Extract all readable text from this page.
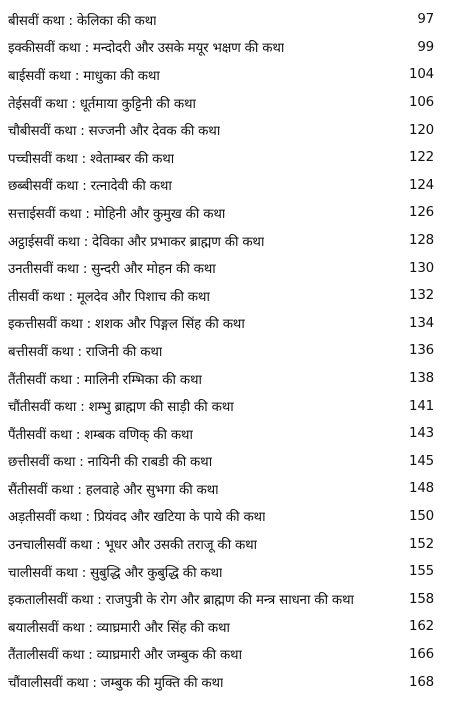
बीसवीं कथा : केलिका की कथा	97
इक्कीसवीं कथा : मन्दोदरी और उसके मयूर भक्षण की कथा	99
बाईसवीं कथा : माधुका की कथा	104
तेईसवीं कथा : धूर्तमाया कुट्टिनी की कथा	106
चौबीसवीं कथा : सज्जनी और देवक की कथा	120
पच्चीसवीं कथा : श्वेताम्बर की कथा	122
छब्बीसवीं कथा : रत्नादेवी की कथा	124
सत्ताईसवीं कथा : मोहिनी और कुमुख की कथा	126
अट्ठाईसवीं कथा : देविका और प्रभाकर ब्राह्मण की कथा	128
उनतीसवीं कथा : सुन्दरी और मोहन की कथा	130
तीसवीं कथा : मूलदेव और पिशाच की कथा	132
इकत्तीसवीं कथा : शशक और पिङ्गल सिंह की कथा	134
बत्तीसवीं कथा : राजिनी की कथा	136
तैंतीसवीं कथा : मालिनी रम्भिका की कथा	138
चौंतीसवीं कथा : शम्भु ब्राह्मण की साड़ी की कथा	141
पैंतीसवीं कथा : शम्बक वणिक् की कथा	143
छत्तीसवीं कथा : नायिनी की राबडी की कथा	145
सैंतीसवीं कथा : हलवाहे और सुभगा की कथा	148
अड़तीसवीं कथा : प्रियंवद और खटिया के पाये की कथा	150
उनचालीसवीं कथा : भूधर और उसकी तराजू की कथा	152
चालीसवीं कथा : सुबुद्धि और कुबुद्धि की कथा	155
इकतालीसवीं कथा : राजपुत्री के रोग और ब्राह्मण की मन्त्र साधना की कथा	158
बयालीसवीं कथा : व्याघ्रमारी और सिंह की कथा	162
तैंतालीसवीं कथा : व्याघ्रमारी और जम्बुक की कथा	166
चौंवालीसवीं कथा : जम्बुक की मुक्ति की कथा	168
